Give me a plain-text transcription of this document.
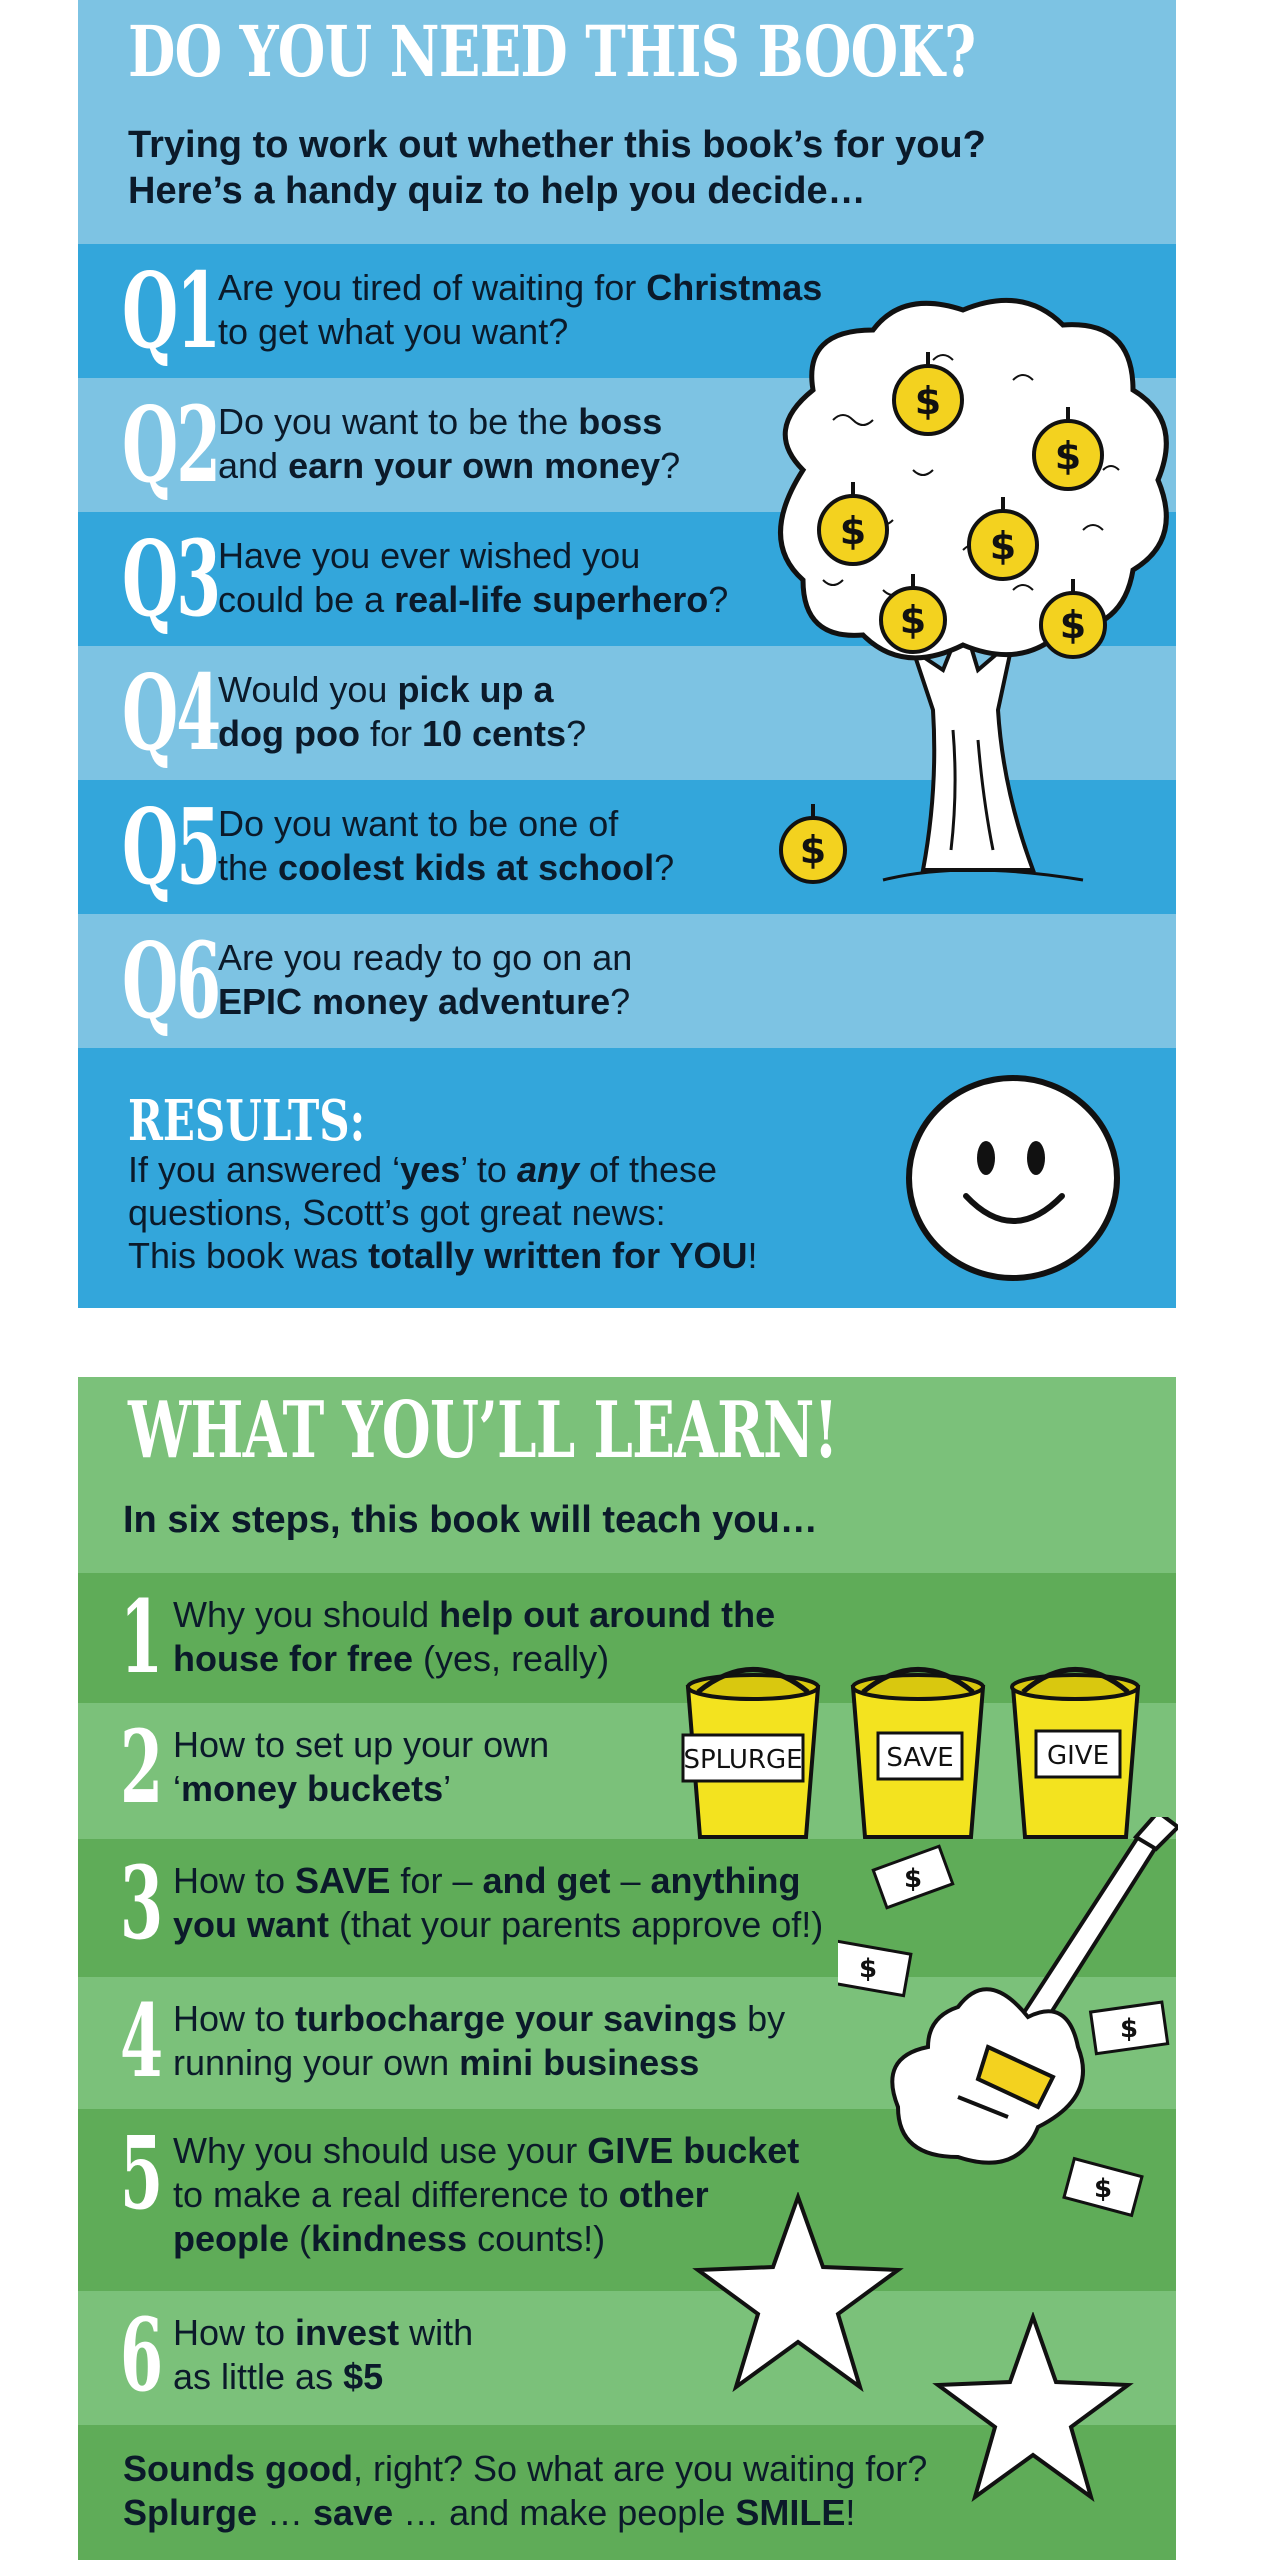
DO YOU NEED THIS BOOK?
Trying to work out whether this book’s for you?
Here’s a handy quiz to help you decide…
Q1
Are you tired of waiting for Christmas
to get what you want?
Q2
Do you want to be the boss
and earn your own money?
Q3
Have you ever wished you
could be a real-life superhero?
Q4
Would you pick up a
dog poo for 10 cents?
Q5
Do you want to be one of
the coolest kids at school?
Q6
Are you ready to go on an
EPIC money adventure?
RESULTS:
If you answered ‘yes’ to any of these
questions, Scott’s got great news:
This book was totally written for YOU!
$
$
$	$
$	$
$
WHAT YOU’LL LEARN!
In six steps, this book will teach you…
1 Why you should help out around the
house for free (yes, really)
2 How to set up your own
‘money buckets’
3 How to SAVE for – and get – anything
you want (that your parents approve of!)
4 How to turbocharge your savings by
running your own mini business
5 Why you should use your GIVE bucket
to make a real difference to other
people (kindness counts!)
6 How to invest with
as little as $5
Sounds good, right? So what are you waiting for?
Splurge … save … and make people SMILE!
SPLURGE	SAVE	GIVE
$
$
$
$
